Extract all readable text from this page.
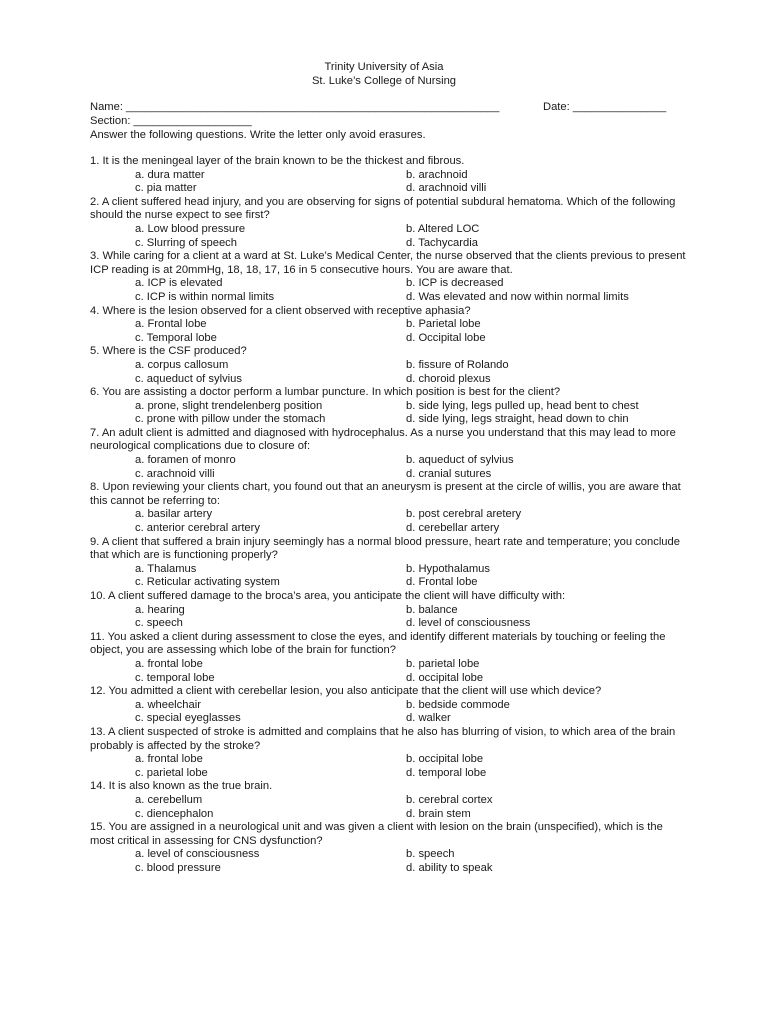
Trinity University of Asia
St. Luke’s College of Nursing
Name: ____________________________________________________________	Date: _______________
Section: ___________________
Answer the following questions. Write the letter only avoid erasures.
1. It is the meningeal layer of the brain known to be the thickest and fibrous.
a. dura matter	b. arachnoid
c. pia matter	d. arachnoid villi
2. A client suffered head injury, and you are observing for signs of potential subdural hematoma. Which of the following should the nurse expect to see first?
a. Low blood pressure	b. Altered LOC
c. Slurring of speech	d. Tachycardia
3. While caring for a client at a ward at St. Luke’s Medical Center, the nurse observed that the clients previous to present ICP reading is at 20mmHg, 18, 18, 17, 16 in 5 consecutive hours. You are aware that.
a. ICP is elevated	b. ICP is decreased
c. ICP is within normal limits	d. Was elevated and now within normal limits
4. Where is the lesion observed for a client observed with receptive aphasia?
a. Frontal lobe	b. Parietal lobe
c. Temporal lobe	d. Occipital lobe
5. Where is the CSF produced?
a. corpus callosum	b. fissure of Rolando
c. aqueduct of sylvius	d. choroid plexus
6. You are assisting a doctor perform a lumbar puncture. In which position is best for the client?
a. prone, slight trendelenberg position	b. side lying, legs pulled up, head bent to chest
c. prone with pillow under the stomach	d. side lying, legs straight, head down to chin
7. An adult client is admitted and diagnosed with hydrocephalus. As a nurse you understand that this may lead to more neurological complications due to closure of:
a. foramen of monro	b. aqueduct of sylvius
c. arachnoid villi	d. cranial sutures
8. Upon reviewing your clients chart, you found out that an aneurysm is present at the circle of willis, you are aware that this cannot be referring to:
a. basilar artery	b. post cerebral aretery
c. anterior cerebral artery	d. cerebellar artery
9. A client that suffered a brain injury seemingly has a normal blood pressure, heart rate and temperature; you conclude that which are is functioning properly?
a. Thalamus	b. Hypothalamus
c. Reticular activating system	d. Frontal lobe
10. A client suffered damage to the broca’s area, you anticipate the client will have difficulty with:
a. hearing	b. balance
c. speech	d. level of consciousness
11. You asked a client during assessment to close the eyes, and identify different materials by touching or feeling the object, you are assessing which lobe of the brain for function?
a. frontal lobe	b. parietal lobe
c. temporal lobe	d. occipital lobe
12. You admitted a client with cerebellar lesion, you also anticipate that the client will use which device?
a. wheelchair	b. bedside commode
c. special eyeglasses	d. walker
13. A client suspected of stroke is admitted and complains that he also has blurring of vision, to which area of the brain probably is affected by the stroke?
a. frontal lobe	b. occipital lobe
c. parietal lobe	d. temporal lobe
14. It is also known as the true brain.
a. cerebellum	b. cerebral cortex
c. diencephalon	d. brain stem
15. You are assigned in a neurological unit and was given a client with lesion on the brain (unspecified), which is the most critical in assessing for CNS dysfunction?
a. level of consciousness	b. speech
c. blood pressure	d. ability to speak
